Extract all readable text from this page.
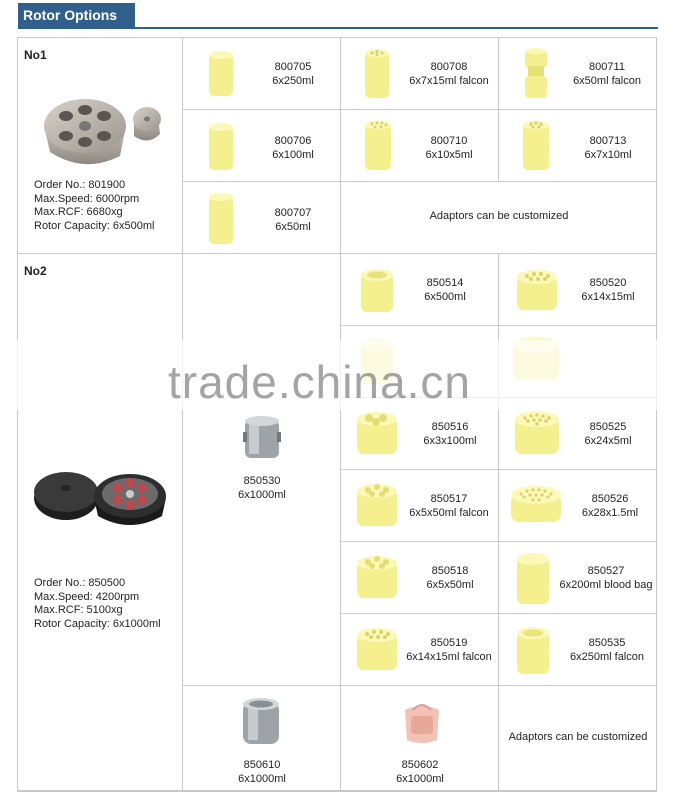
Rotor Options
No1
Order No.: 801900
Max.Speed: 6000rpm
Max.RCF: 6680xg
Rotor Capacity: 6x500ml
800705
6x250ml
800708
6x7x15ml falcon
800711
6x50ml falcon
800706
6x100ml
800710
6x10x5ml
800713
6x7x10ml
800707
6x50ml
Adaptors can be customized
No2
Order No.: 850500
Max.Speed: 4200rpm
Max.RCF: 5100xg
Rotor Capacity: 6x1000ml
850530
6x1000ml
850514
6x500ml
850520
6x14x15ml
850516
6x3x100ml
850525
6x24x5ml
850517
6x5x50ml falcon
850526
6x28x1.5ml
850518
6x5x50ml
850527
6x200ml blood bag
850519
6x14x15ml falcon
850535
6x250ml falcon
850610
6x1000ml
850602
6x1000ml
Adaptors can be customized
trade.china.cn
